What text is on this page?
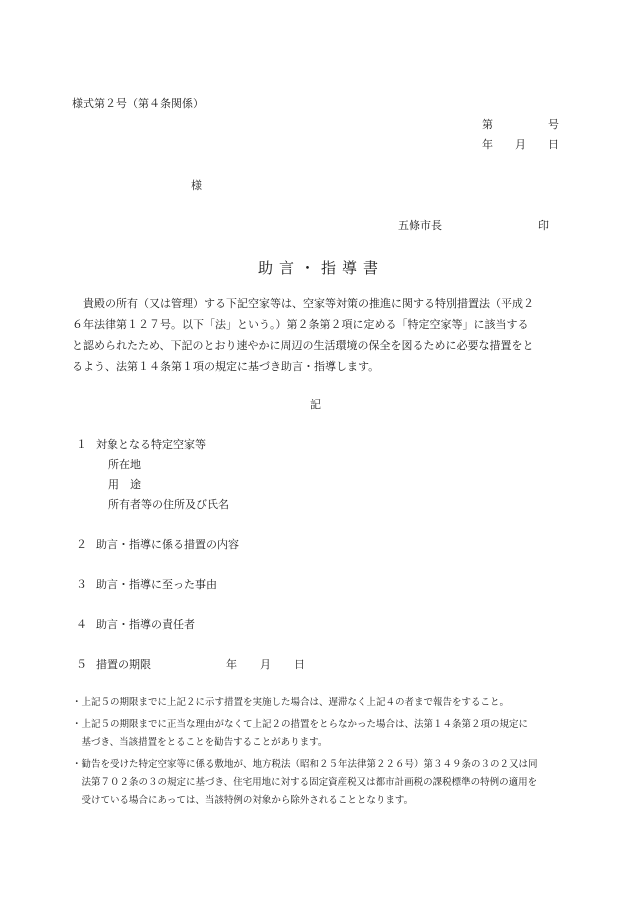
様式第２号（第４条関係）
第	号
年 月 日
様
五條市長	印
助言・指導書
貴殿の所有（又は管理）する下記空家等は、空家等対策の推進に関する特別措置法（平成２
６年法律第１２７号。以下「法」という。）第２条第２項に定める「特定空家等」に該当する
と認められたため、下記のとおり速やかに周辺の生活環境の保全を図るために必要な措置をと
るよう、法第１４条第１項の規定に基づき助言・指導します。
記
１ 対象となる特定空家等
所在地
用　途
所有者等の住所及び氏名
２ 助言・指導に係る措置の内容
３ 助言・指導に至った事由
４ 助言・指導の責任者
５ 措置の期限	年 月 日
・上記５の期限までに上記２に示す措置を実施した場合は、遅滞なく上記４の者まで報告をすること。
・上記５の期限までに正当な理由がなくて上記２の措置をとらなかった場合は、法第１４条第２項の規定に
　基づき、当該措置をとることを勧告することがあります。
・勧告を受けた特定空家等に係る敷地が、地方税法（昭和２５年法律第２２６号）第３４９条の３の２又は同
　法第７０２条の３の規定に基づき、住宅用地に対する固定資産税又は都市計画税の課税標準の特例の適用を
　受けている場合にあっては、当該特例の対象から除外されることとなります。
